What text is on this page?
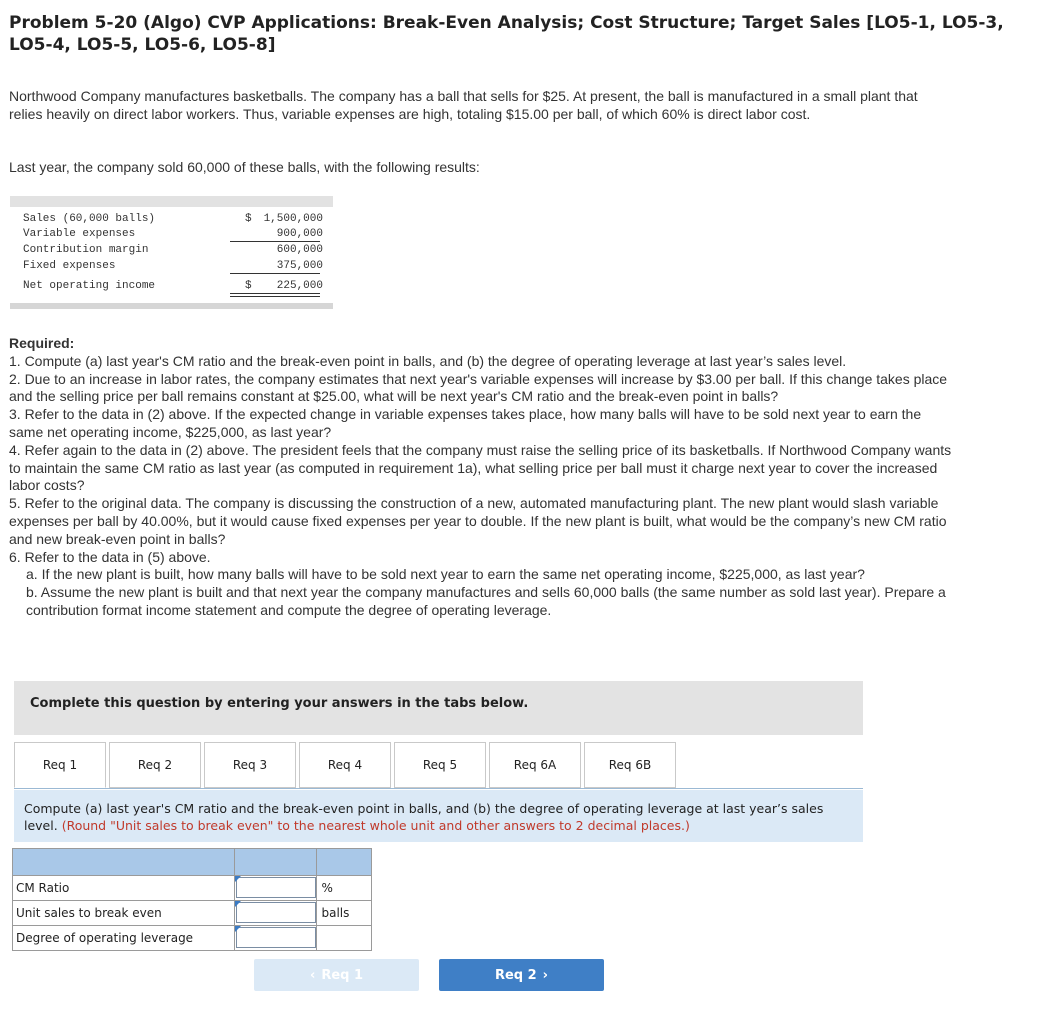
Problem 5-20 (Algo) CVP Applications: Break-Even Analysis; Cost Structure; Target Sales [LO5-1, LO5-3, LO5-4, LO5-5, LO5-6, LO5-8]
Northwood Company manufactures basketballs. The company has a ball that sells for $25. At present, the ball is manufactured in a small plant that relies heavily on direct labor workers. Thus, variable expenses are high, totaling $15.00 per ball, of which 60% is direct labor cost.
Last year, the company sold 60,000 of these balls, with the following results:
Sales (60,000 balls)	$ 1,500,000
Variable expenses	900,000
Contribution margin	600,000
Fixed expenses	375,000
Net operating income	$ 225,000
Required:
1. Compute (a) last year's CM ratio and the break-even point in balls, and (b) the degree of operating leverage at last year’s sales level.
2. Due to an increase in labor rates, the company estimates that next year's variable expenses will increase by $3.00 per ball. If this change takes place and the selling price per ball remains constant at $25.00, what will be next year's CM ratio and the break-even point in balls?
3. Refer to the data in (2) above. If the expected change in variable expenses takes place, how many balls will have to be sold next year to earn the same net operating income, $225,000, as last year?
4. Refer again to the data in (2) above. The president feels that the company must raise the selling price of its basketballs. If Northwood Company wants to maintain the same CM ratio as last year (as computed in requirement 1a), what selling price per ball must it charge next year to cover the increased labor costs?
5. Refer to the original data. The company is discussing the construction of a new, automated manufacturing plant. The new plant would slash variable expenses per ball by 40.00%, but it would cause fixed expenses per year to double. If the new plant is built, what would be the company’s new CM ratio and new break-even point in balls?
6. Refer to the data in (5) above.
a. If the new plant is built, how many balls will have to be sold next year to earn the same net operating income, $225,000, as last year?
b. Assume the new plant is built and that next year the company manufactures and sells 60,000 balls (the same number as sold last year). Prepare a contribution format income statement and compute the degree of operating leverage.
Complete this question by entering your answers in the tabs below.
Req 1	Req 2	Req 3	Req 4	Req 5	Req 6A	Req 6B
Compute (a) last year's CM ratio and the break-even point in balls, and (b) the degree of operating leverage at last year’s sales level. (Round "Unit sales to break even" to the nearest whole unit and other answers to 2 decimal places.)

CM Ratio		%
Unit sales to break even		balls
Degree of operating leverage	

‹ Req 1	Req 2 ›
